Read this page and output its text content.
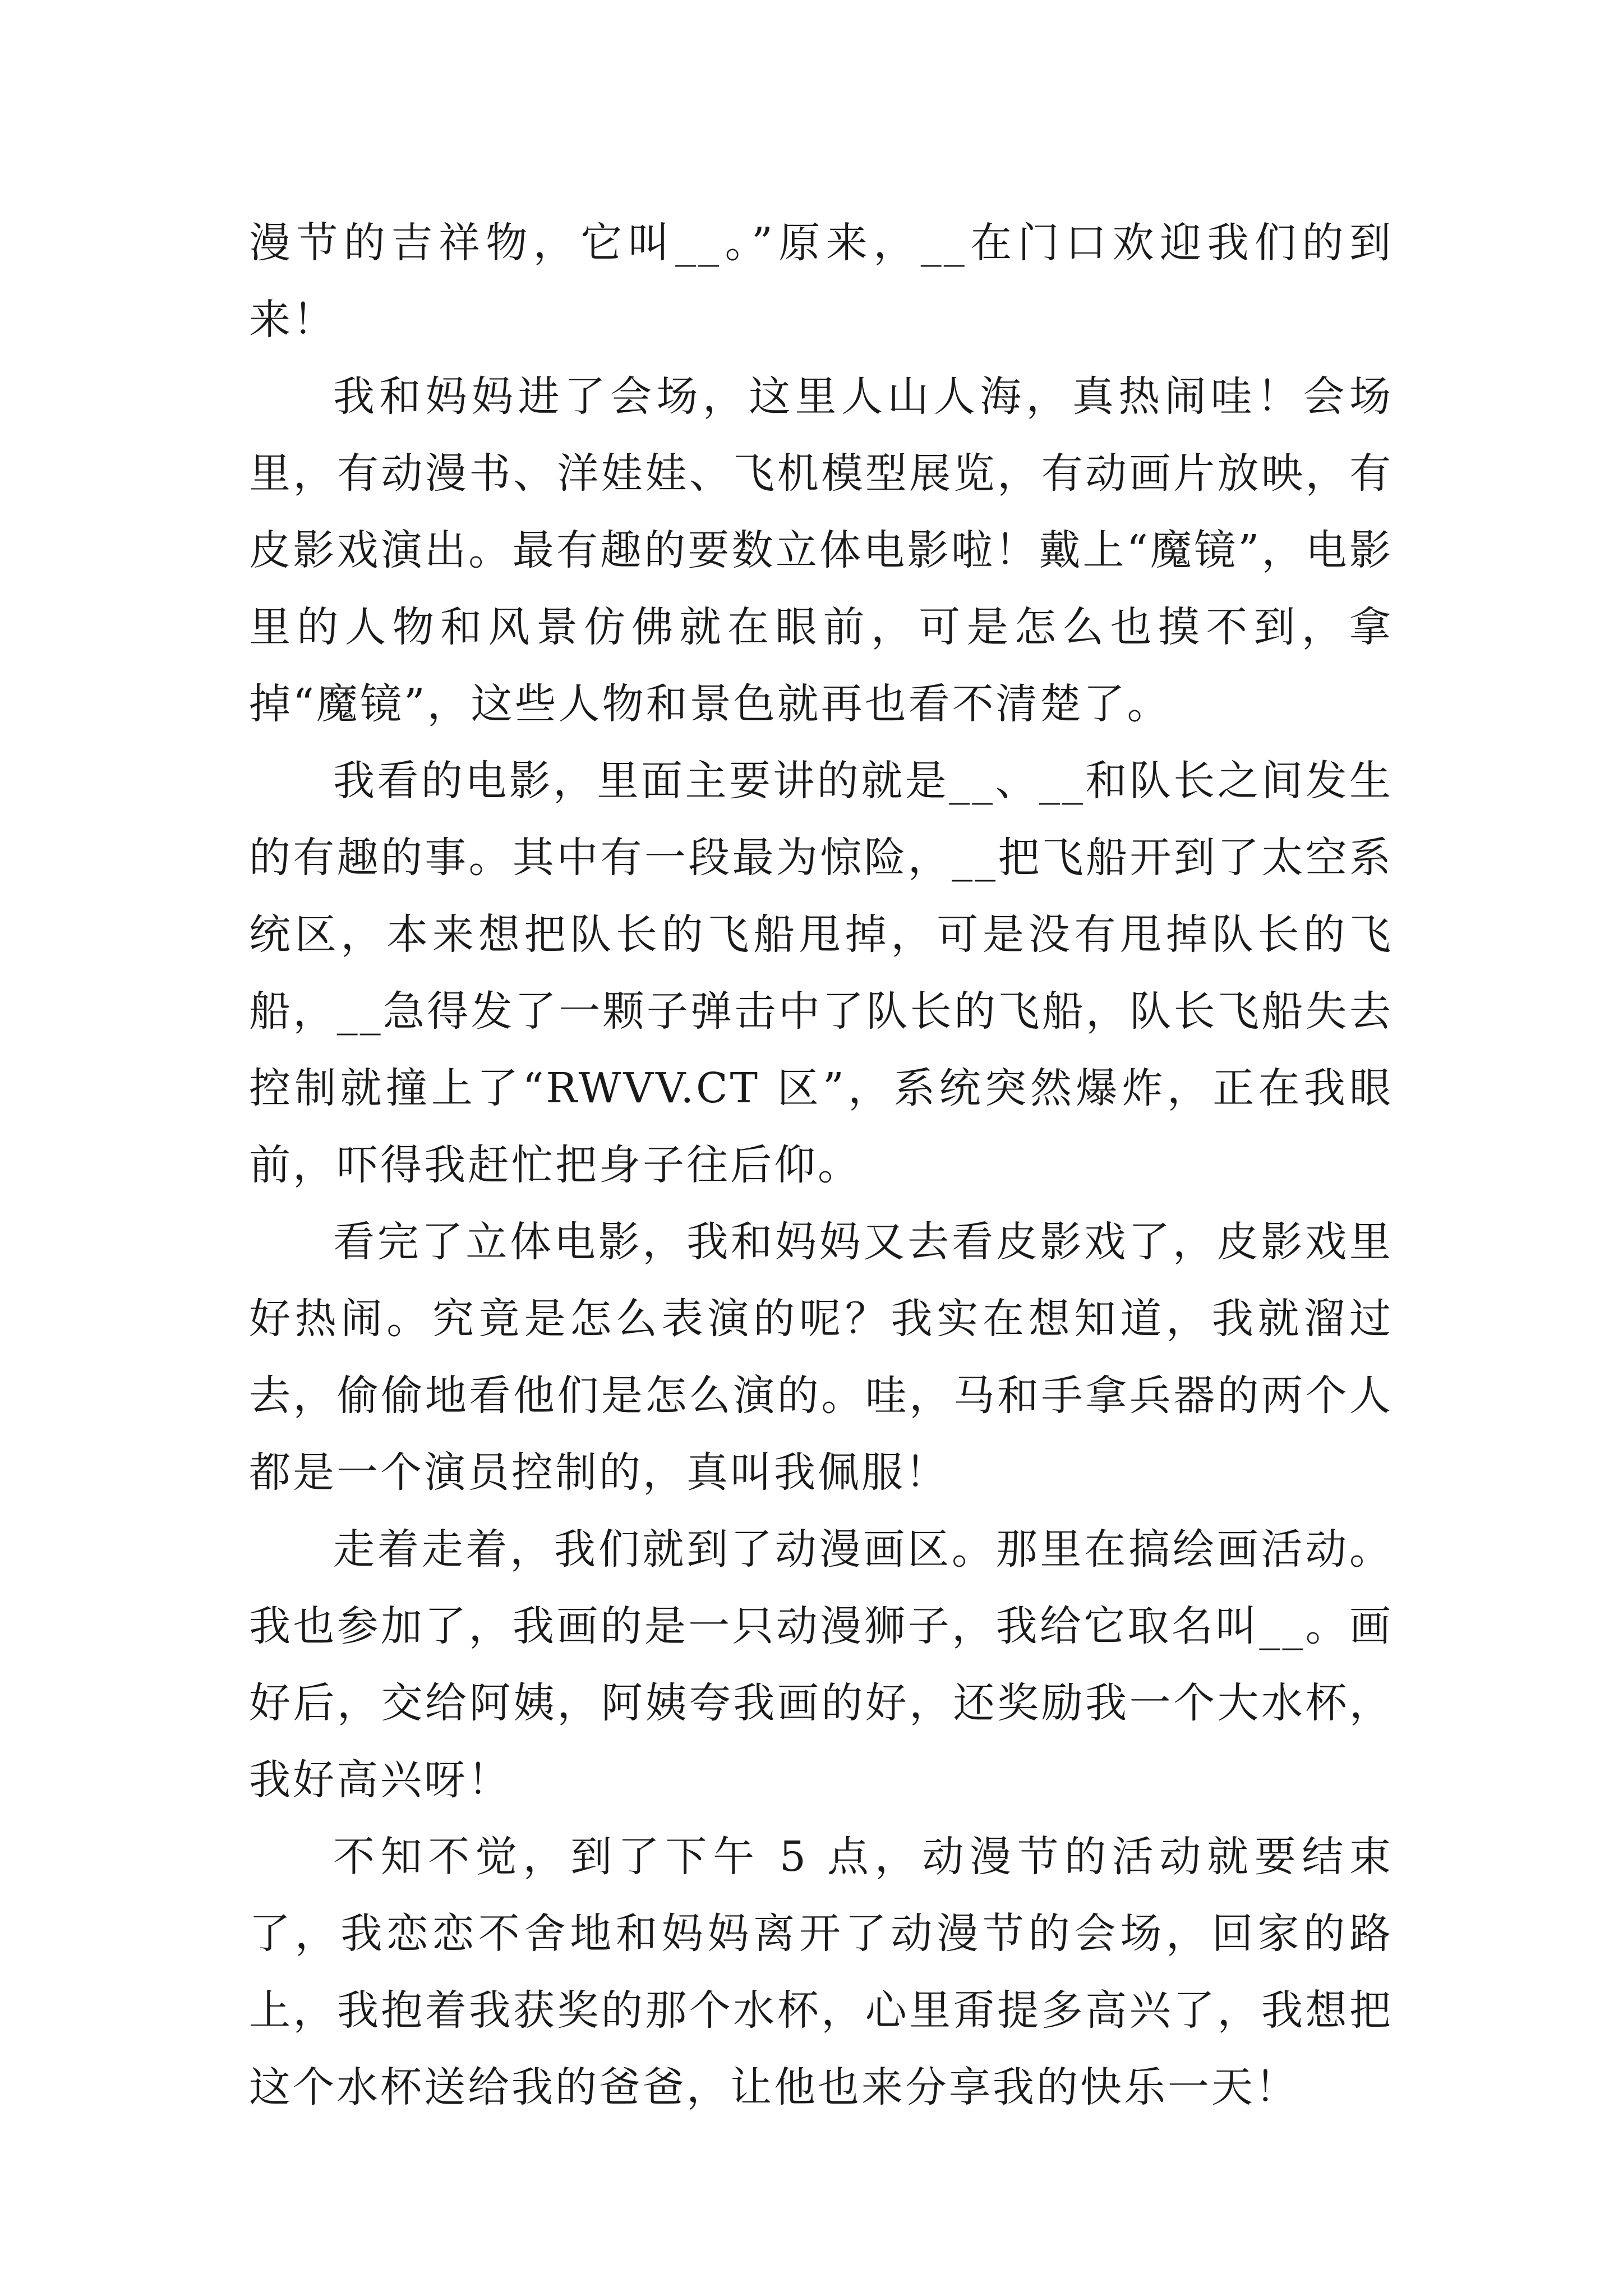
漫节的吉祥物，它叫__。”原来，__在门口欢迎我们的到来！

我和妈妈进了会场，这里人山人海，真热闹哇！会场里，有动漫书、洋娃娃、飞机模型展览，有动画片放映，有皮影戏演出。最有趣的要数立体电影啦！戴上“魔镜”，电影里的人物和风景仿佛就在眼前，可是怎么也摸不到，拿掉“魔镜”，这些人物和景色就再也看不清楚了。

我看的电影，里面主要讲的就是__、__和队长之间发生的有趣的事。其中有一段最为惊险，__把飞船开到了太空系统区，本来想把队长的飞船甩掉，可是没有甩掉队长的飞船，__急得发了一颗子弹击中了队长的飞船，队长飞船失去控制就撞上了“RWVV.CT 区”，系统突然爆炸，正在我眼前，吓得我赶忙把身子往后仰。

看完了立体电影，我和妈妈又去看皮影戏了，皮影戏里好热闹。究竟是怎么表演的呢？我实在想知道，我就溜过去，偷偷地看他们是怎么演的。哇，马和手拿兵器的两个人都是一个演员控制的，真叫我佩服！

走着走着，我们就到了动漫画区。那里在搞绘画活动。我也参加了，我画的是一只动漫狮子，我给它取名叫__。画好后，交给阿姨，阿姨夸我画的好，还奖励我一个大水杯，我好高兴呀！

不知不觉，到了下午 5 点，动漫节的活动就要结束了，我恋恋不舍地和妈妈离开了动漫节的会场，回家的路上，我抱着我获奖的那个水杯，心里甭提多高兴了，我想把这个水杯送给我的爸爸，让他也来分享我的快乐一天！
